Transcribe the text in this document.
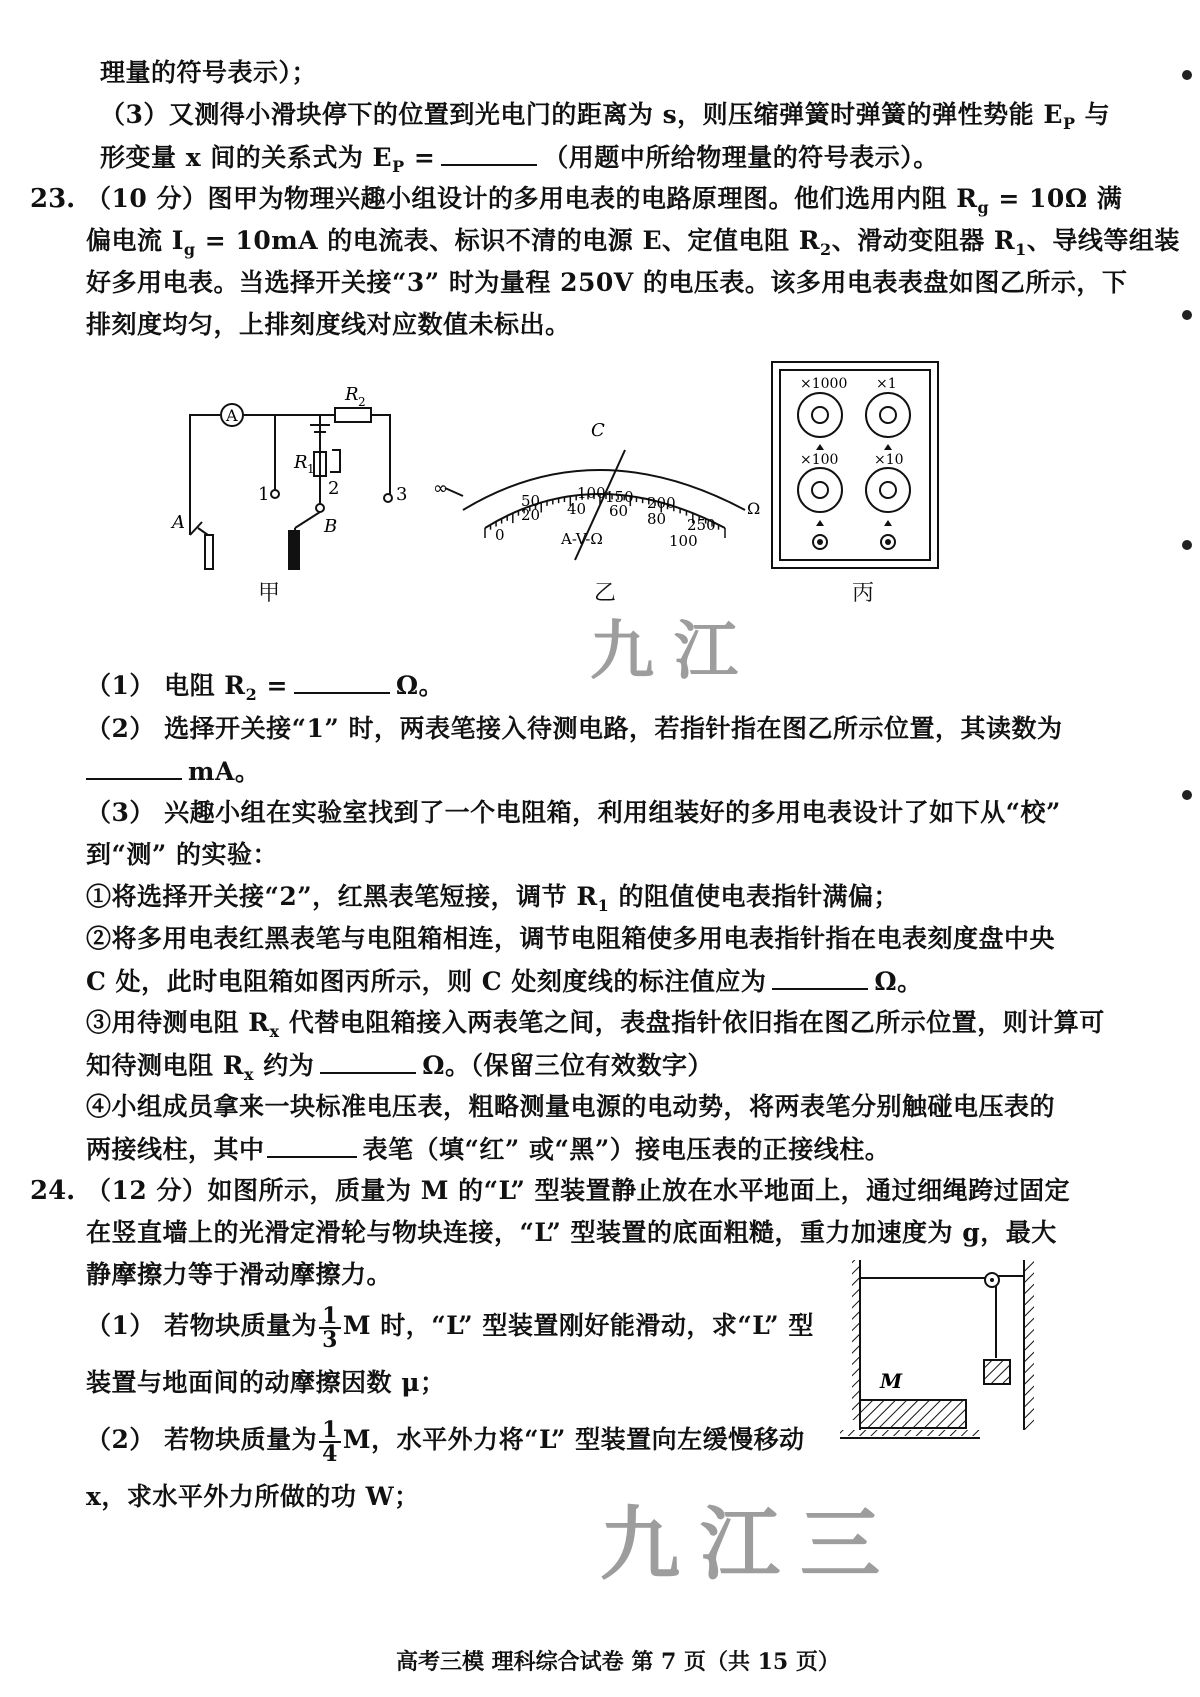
理量的符号表示）；
（3）又测得小滑块停下的位置到光电门的距离为 s，则压缩弹簧时弹簧的弹性势能 $E_P$ 与
形变量 x 间的关系式为 $E_P$ =	（用题中所给物理量的符号表示）。
23. （10 分）图甲为物理兴趣小组设计的多用电表的电路原理图。他们选用内阻 $R_g = 10\Omega$ 满
偏电流 $I_g = 10mA$ 的电流表、标识不清的电源 E、定值电阻 $R_2$、滑动变阻器 $R_1$、导线等组装
好多用电表。当选择开关接“3” 时为量程 250V 的电压表。该多用电表表盘如图乙所示，下
排刻度均匀，上排刻度线对应数值未标出。
A
R 2
R 1
1	2	3
A	B
甲
∞
C
Ω
A-V-Ω
50 100 150 200
250
0
20 40 60 80
100
乙
×1000 ×1
×100	×10
丙
九江
（1） 电阻 $R_2$ =	Ω。
（2） 选择开关接“1” 时，两表笔接入待测电路，若指针指在图乙所示位置，其读数为
mA。
（3） 兴趣小组在实验室找到了一个电阻箱，利用组装好的多用电表设计了如下从“校”
到“测” 的实验：
①将选择开关接“2”，红黑表笔短接，调节 $R_1$ 的阻值使电表指针满偏；
②将多用电表红黑表笔与电阻箱相连，调节电阻箱使多用电表指针指在电表刻度盘中央
C 处，此时电阻箱如图丙所示，则 C 处刻度线的标注值应为	Ω。
③用待测电阻 $R_x$ 代替电阻箱接入两表笔之间，表盘指针依旧指在图乙所示位置，则计算可
知待测电阻 $R_x$ 约为	Ω。（保留三位有效数字）
④小组成员拿来一块标准电压表，粗略测量电源的电动势，将两表笔分别触碰电压表的
两接线柱，其中	表笔（填“红” 或“黑”）接电压表的正接线柱。
24. （12 分）如图所示，质量为 M 的“L” 型装置静止放在水平地面上，通过细绳跨过固定
在竖直墙上的光滑定滑轮与物块连接，“L” 型装置的底面粗糙，重力加速度为 g，最大
静摩擦力等于滑动摩擦力。
（1） 若物块质量为 $\frac{1}{3}$ M 时，“L” 型装置刚好能滑动，求“L” 型
装置与地面间的动摩擦因数 μ；
（2） 若物块质量为 $\frac{1}{4}$ M，水平外力将“L” 型装置向左缓慢移动
x，求水平外力所做的功 W；
M
九江三
高考三模 理科综合试卷 第 7 页（共 15 页）
